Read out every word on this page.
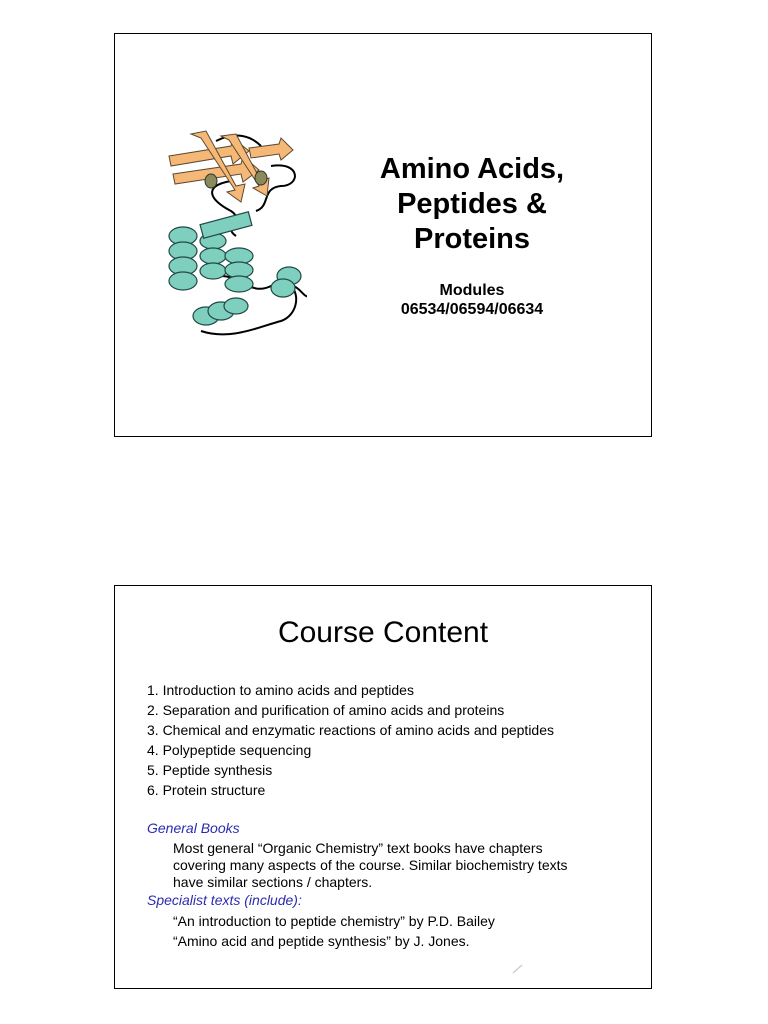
Amino Acids,
Peptides &
Proteins
Modules
06534/06594/06634
Course Content
1. Introduction to amino acids and peptides
2. Separation and purification of amino acids and proteins
3. Chemical and enzymatic reactions of amino acids and peptides
4. Polypeptide sequencing
5. Peptide synthesis
6. Protein structure
General Books
Most general “Organic Chemistry” text books have chapters
covering many aspects of the course. Similar biochemistry texts
have similar sections / chapters.
Specialist texts (include):
“An introduction to peptide chemistry” by P.D. Bailey
“Amino acid and peptide synthesis” by J. Jones.
